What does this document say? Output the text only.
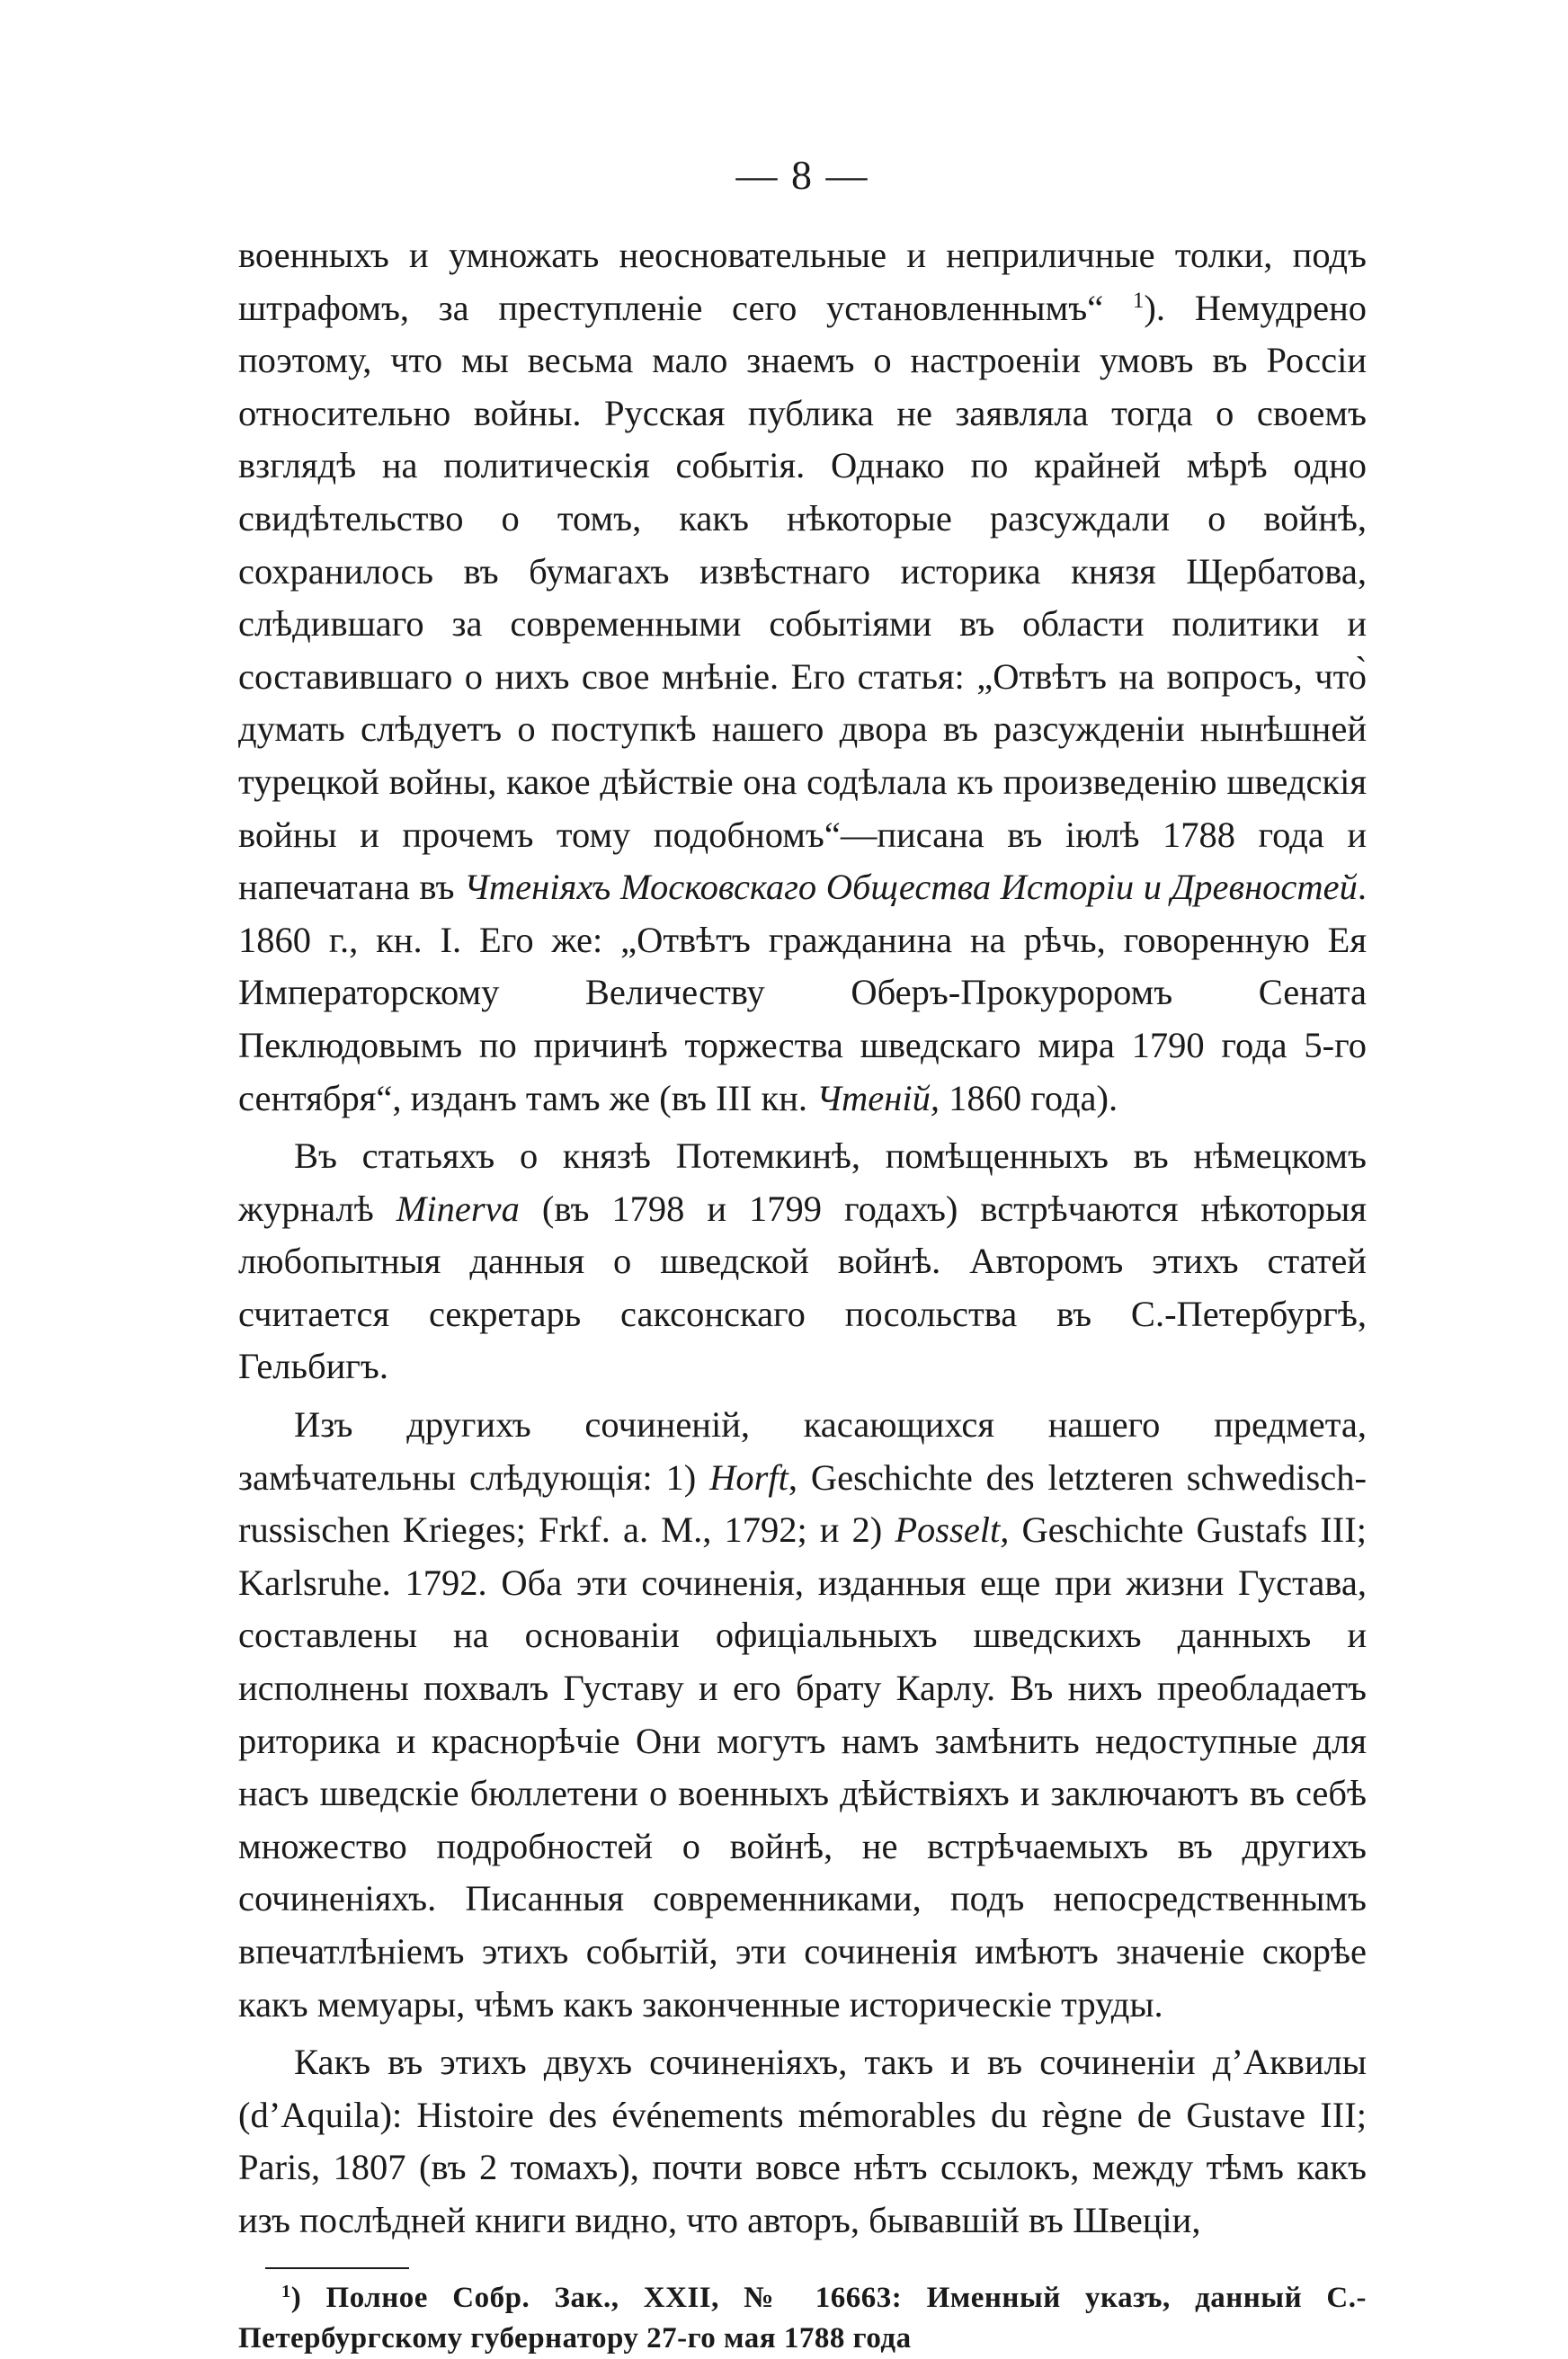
— 8 —

военныхъ и умножать неосновательные и неприличные толки, подъ штрафомъ, за преступленіе сего установленнымъ“ $^1$). Немудрено поэтому, что мы весьма мало знаемъ о настроеніи умовъ въ Россіи относительно войны. Русская публика не заявляла тогда о своемъ взглядѣ на политическія событія. Однако по крайней мѣрѣ одно свидѣтельство о томъ, какъ нѣкоторые разсуждали о войнѣ, сохранилось въ бумагахъ извѣстнаго историка князя Щербатова, слѣдившаго за современными событіями въ области политики и составившаго о нихъ свое мнѣніе. Его статья: „Отвѣтъ на вопросъ, что̀ думать слѣдуетъ о поступкѣ нашего двора въ разсужденіи нынѣшней турецкой войны, какое дѣйствіе она содѣлала къ произведенію шведскія войны и прочемъ тому подобномъ“—писана въ іюлѣ 1788 года и напечатана въ Чтеніяхъ Московскаго Общества Исторіи и Древностей. 1860 г., кн. I. Его же: „Отвѣтъ гражданина на рѣчь, говоренную Ея Императорскому Величеству Оберъ-Прокуроромъ Сената Пеклюдовымъ по причинѣ торжества шведскаго мира 1790 года 5-го сентября“, изданъ тамъ же (въ III кн. Чтеній, 1860 года).

Въ статьяхъ о князѣ Потемкинѣ, помѣщенныхъ въ нѣмецкомъ журналѣ Minerva (въ 1798 и 1799 годахъ) встрѣчаются нѣкоторыя любопытныя данныя о шведской войнѣ. Авторомъ этихъ статей считается секретарь саксонскаго посольства въ С.-Петербургѣ, Гельбигъ.

Изъ другихъ сочиненій, касающихся нашего предмета, замѣчательны слѣдующія: 1) Horft, Geschichte des letzteren schwedisch-russischen Krieges; Frkf. a. M., 1792; и 2) Posselt, Geschichte Gustafs III; Karlsruhe. 1792. Оба эти сочиненія, изданныя еще при жизни Густава, составлены на основаніи офиціальныхъ шведскихъ данныхъ и исполнены похвалъ Густаву и его брату Карлу. Въ нихъ преобладаетъ риторика и краснорѣчіе Они могутъ намъ замѣнить недоступные для насъ шведскіе бюллетени о военныхъ дѣйствіяхъ и заключаютъ въ себѣ множество подробностей о войнѣ, не встрѣчаемыхъ въ другихъ сочиненіяхъ. Писанныя современниками, подъ непосредственнымъ впечатлѣніемъ этихъ событій, эти сочиненія имѣютъ значеніе скорѣе какъ мемуары, чѣмъ какъ законченные историческіе труды.

Какъ въ этихъ двухъ сочиненіяхъ, такъ и въ сочиненіи д’Аквилы (d’Aquila): Histoire des événements mémorables du règne de Gustave III; Paris, 1807 (въ 2 томахъ), почти вовсе нѣтъ ссылокъ, между тѣмъ какъ изъ послѣдней книги видно, что авторъ, бывавшій въ Швеціи,

$^1$) Полное Собр. Зак., XXII, № 16663: Именный указъ, данный С.-Петербургскому губернатору 27-го мая 1788 года
